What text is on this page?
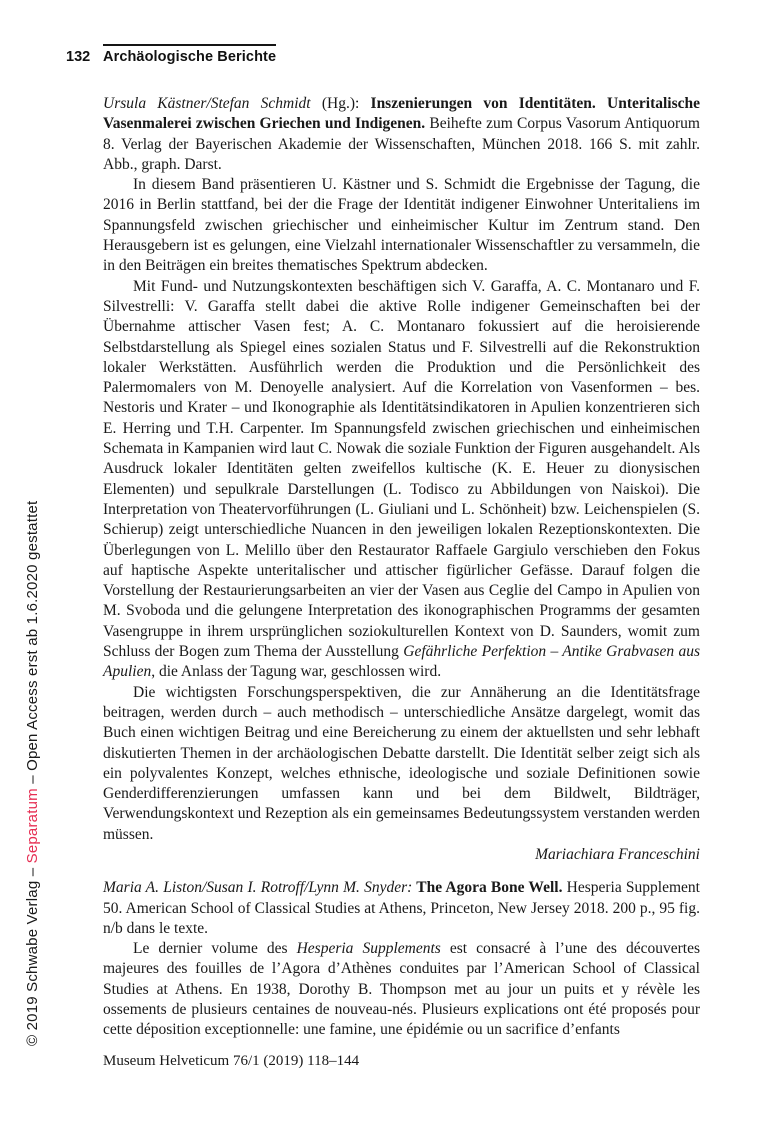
© 2019 Schwabe Verlag – Separatum – Open Access erst ab 1.6.2020 gestattet
132 Archäologische Berichte

Ursula Kästner/Stefan Schmidt (Hg.): Inszenierungen von Identitäten. Unteritalische Vasenmalerei zwischen Griechen und Indigenen. Beihefte zum Corpus Vasorum Antiquorum 8. Verlag der Bayerischen Akademie der Wissenschaften, München 2018. 166 S. mit zahlr. Abb., graph. Darst.

In diesem Band präsentieren U. Kästner und S. Schmidt die Ergebnisse der Tagung, die 2016 in Berlin stattfand, bei der die Frage der Identität indigener Einwohner Unteritaliens im Spannungsfeld zwischen griechischer und einheimischer Kultur im Zentrum stand. Den Herausgebern ist es gelungen, eine Vielzahl internationaler Wissenschaftler zu versammeln, die in den Beiträgen ein breites thematisches Spektrum abdecken.

Mit Fund- und Nutzungskontexten beschäftigen sich V. Garaffa, A. C. Montanaro und F. Silvestrelli: V. Garaffa stellt dabei die aktive Rolle indigener Gemeinschaften bei der Übernahme attischer Vasen fest; A. C. Montanaro fokussiert auf die heroisierende Selbstdarstellung als Spiegel eines sozialen Status und F. Silvestrelli auf die Rekonstruktion lokaler Werkstätten. Ausführlich werden die Produktion und die Persönlichkeit des Palermomalers von M. Denoyelle analysiert. Auf die Korrelation von Vasenformen – bes. Nestoris und Krater – und Ikonographie als Identitätsindikatoren in Apulien konzentrieren sich E. Herring und T.H. Carpenter. Im Spannungsfeld zwischen griechischen und einheimischen Schemata in Kampanien wird laut C. Nowak die soziale Funktion der Figuren ausgehandelt. Als Ausdruck lokaler Identitäten gelten zweifellos kultische (K. E. Heuer zu dionysischen Elementen) und sepulkrale Darstellungen (L. Todisco zu Abbildungen von Naiskoi). Die Interpretation von Theatervorführungen (L. Giuliani und L. Schönheit) bzw. Leichenspielen (S. Schierup) zeigt unterschiedliche Nuancen in den jeweiligen lokalen Rezeptionskontexten. Die Überlegungen von L. Melillo über den Restaurator Raffaele Gargiulo verschieben den Fokus auf haptische Aspekte unteritalischer und attischer figürlicher Gefässe. Darauf folgen die Vorstellung der Restaurierungsarbeiten an vier der Vasen aus Ceglie del Campo in Apulien von M. Svoboda und die gelungene Interpretation des ikonographischen Programms der gesamten Vasengruppe in ihrem ursprünglichen soziokulturellen Kontext von D. Saunders, womit zum Schluss der Bogen zum Thema der Ausstellung Gefährliche Perfektion – Antike Grabvasen aus Apulien, die Anlass der Tagung war, geschlossen wird.

Die wichtigsten Forschungsperspektiven, die zur Annäherung an die Identitätsfrage beitragen, werden durch – auch methodisch – unterschiedliche Ansätze dargelegt, womit das Buch einen wichtigen Beitrag und eine Bereicherung zu einem der aktuellsten und sehr lebhaft diskutierten Themen in der archäologischen Debatte darstellt. Die Identität selber zeigt sich als ein polyvalentes Konzept, welches ethnische, ideologische und soziale Definitionen sowie Genderdifferenzierungen umfassen kann und bei dem Bildwelt, Bildträger, Verwendungskontext und Rezeption als ein gemeinsames Bedeutungssystem verstanden werden müssen.

Mariachiara Franceschini

Maria A. Liston/Susan I. Rotroff/Lynn M. Snyder: The Agora Bone Well. Hesperia Supplement 50. American School of Classical Studies at Athens, Princeton, New Jersey 2018. 200 p., 95 fig. n/b dans le texte.

Le dernier volume des Hesperia Supplements est consacré à l’une des découvertes majeures des fouilles de l’Agora d’Athènes conduites par l’American School of Classical Studies at Athens. En 1938, Dorothy B. Thompson met au jour un puits et y révèle les ossements de plusieurs centaines de nouveau-nés. Plusieurs explications ont été proposés pour cette déposition exceptionnelle: une famine, une épidémie ou un sacrifice d’enfants

Museum Helveticum 76/1 (2019) 118–144
